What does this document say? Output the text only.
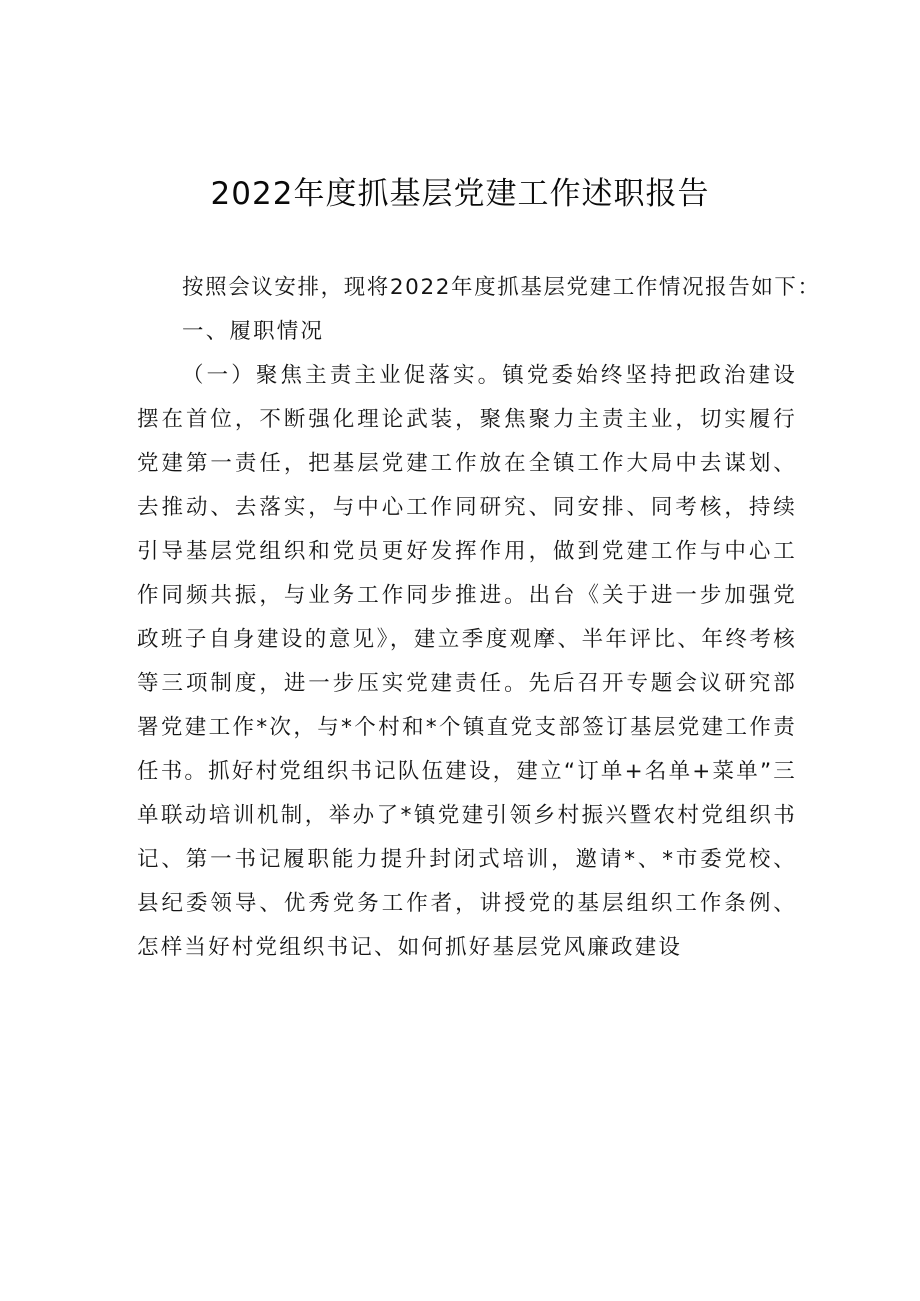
2022年度抓基层党建工作述职报告

按照会议安排，现将2022年度抓基层党建工作情况报告如下：

一、履职情况

（一）聚焦主责主业促落实。镇党委始终坚持把政治建设摆在首位，不断强化理论武装，聚焦聚力主责主业，切实履行党建第一责任，把基层党建工作放在全镇工作大局中去谋划、去推动、去落实，与中心工作同研究、同安排、同考核，持续引导基层党组织和党员更好发挥作用，做到党建工作与中心工作同频共振，与业务工作同步推进。出台《关于进一步加强党政班子自身建设的意见》，建立季度观摩、半年评比、年终考核等三项制度，进一步压实党建责任。先后召开专题会议研究部署党建工作*次，与*个村和*个镇直党支部签订基层党建工作责任书。抓好村党组织书记队伍建设，建立“订单+名单+菜单”三单联动培训机制，举办了*镇党建引领乡村振兴暨农村党组织书记、第一书记履职能力提升封闭式培训，邀请*、*市委党校、县纪委领导、优秀党务工作者，讲授党的基层组织工作条例、怎样当好村党组织书记、如何抓好基层党风廉政建设
